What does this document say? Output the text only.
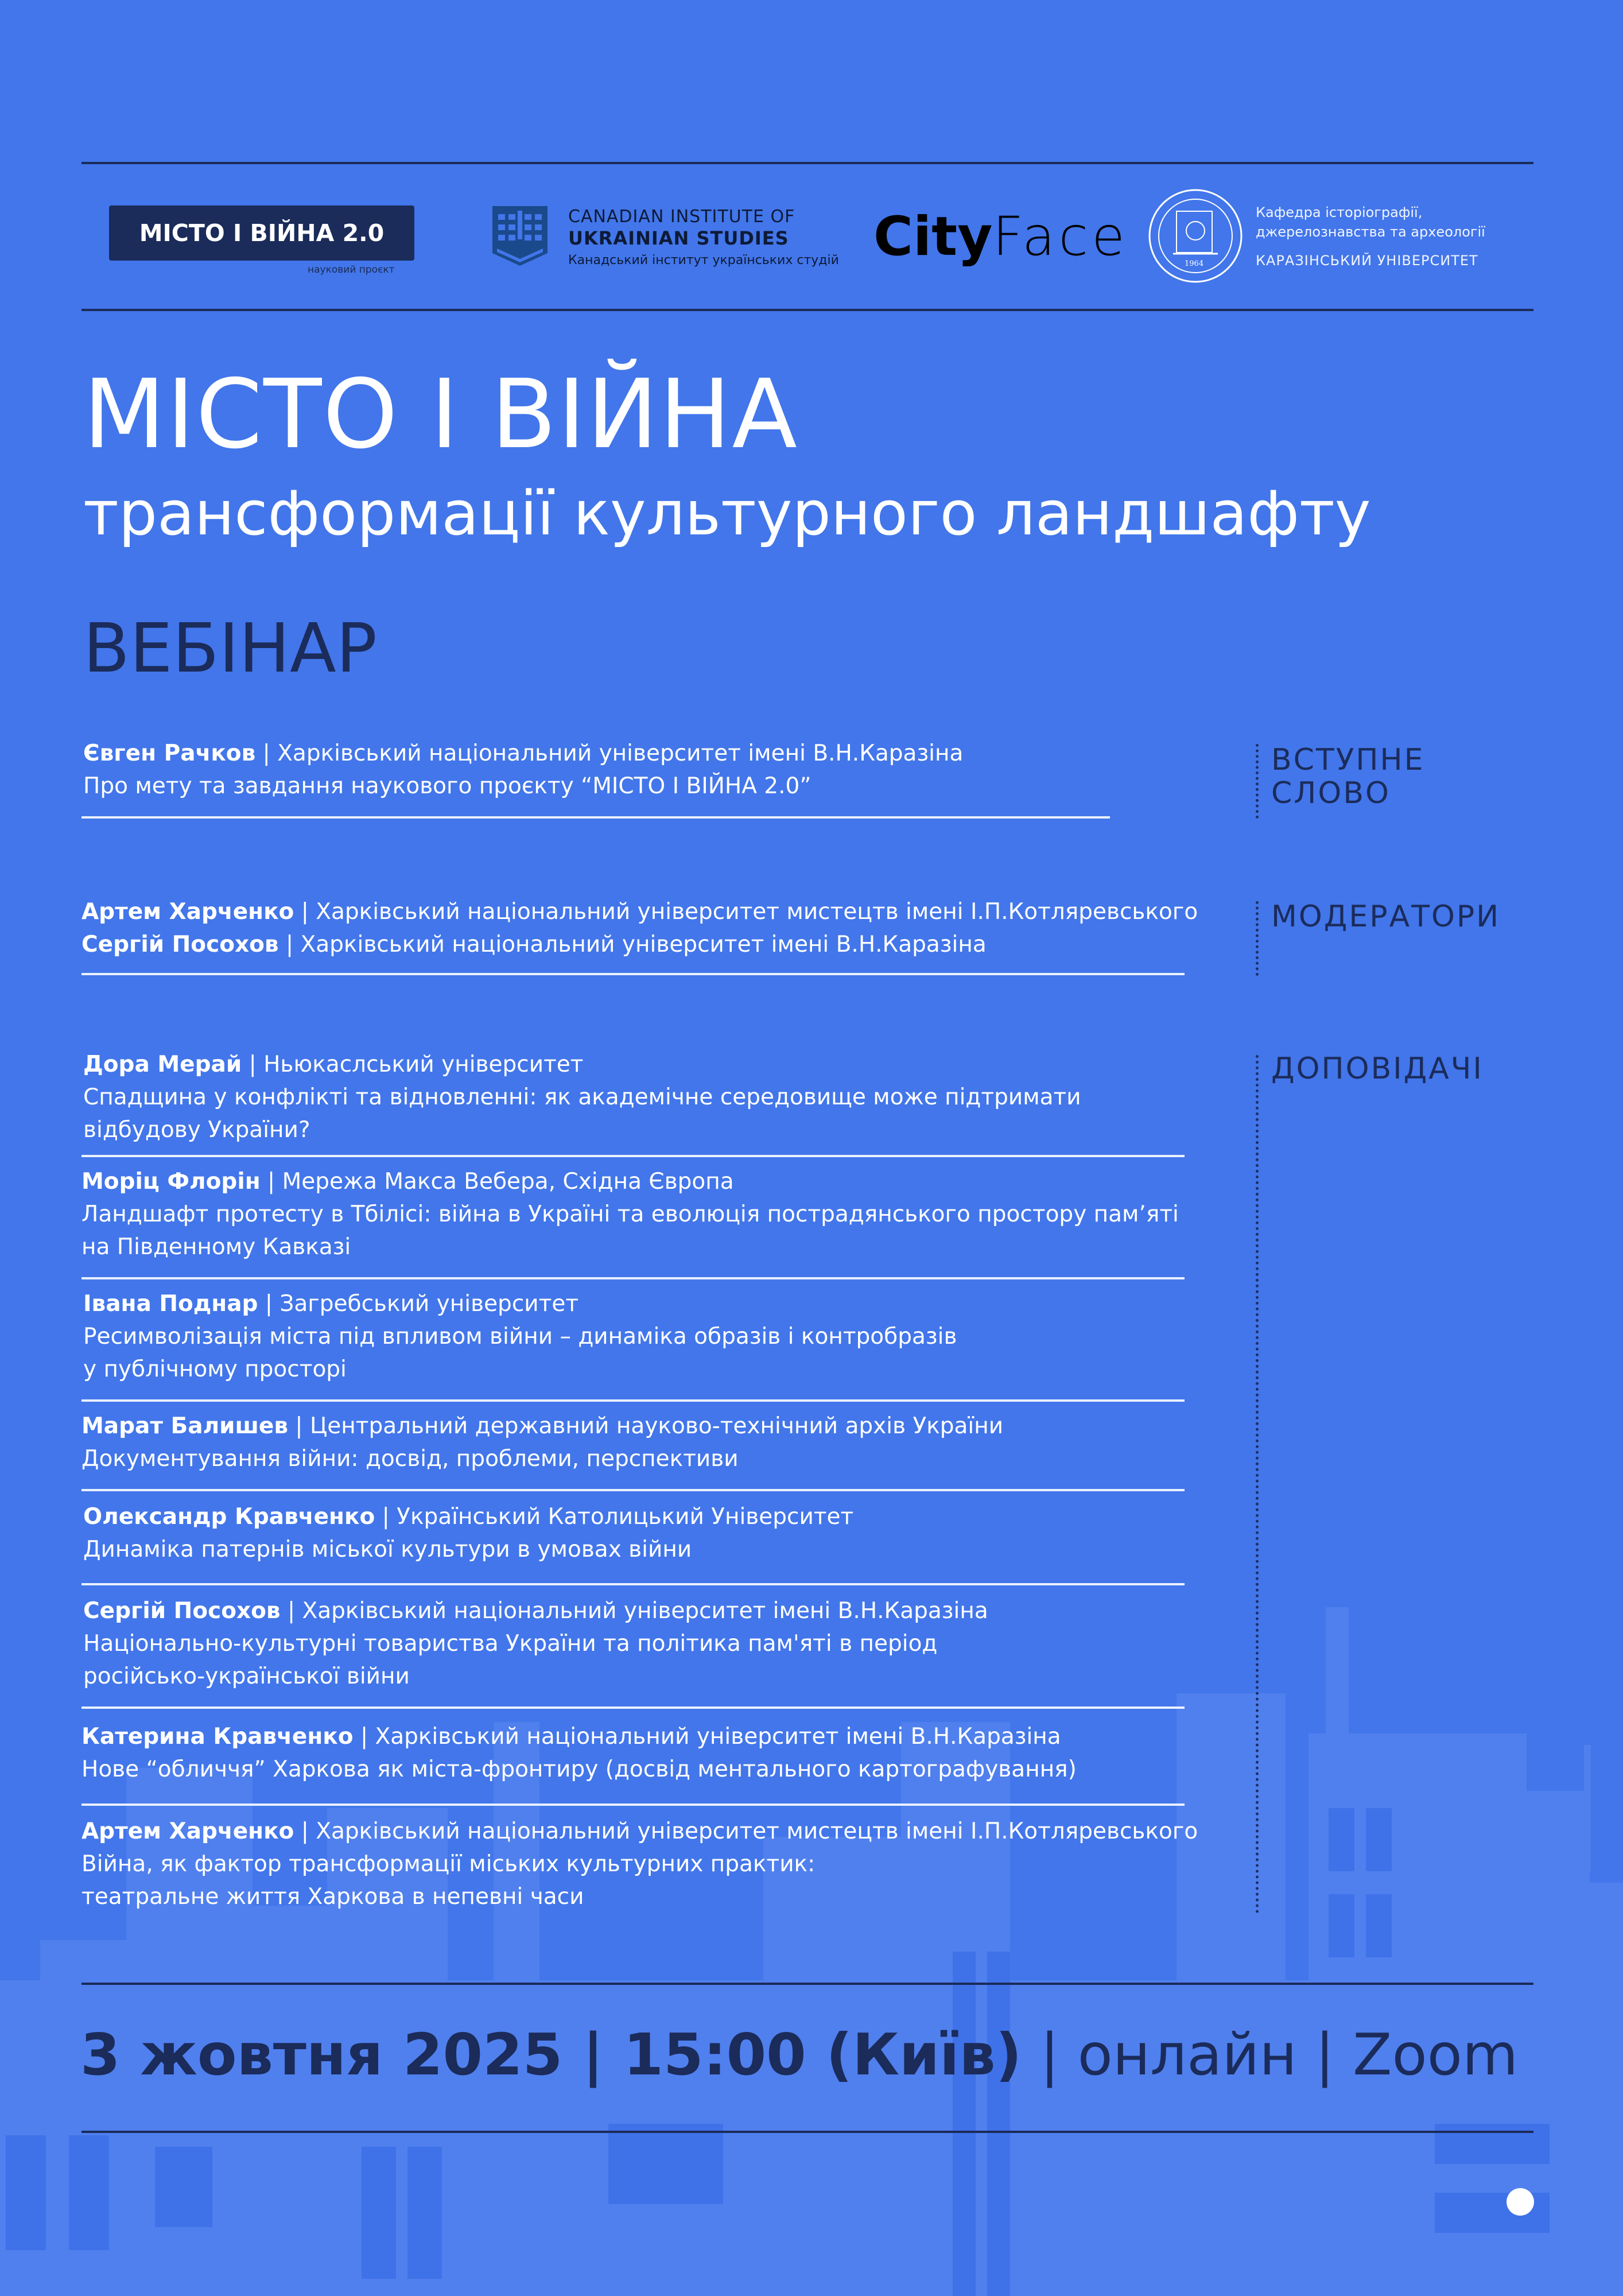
МІСТО І ВІЙНА 2.0
науковий проєкт
CANADIAN INSTITUTE OF
UKRAINIAN STUDIES
Канадський інститут українських студій CityFace	1964
Кафедра історіографії,
джерелознавства та археології
КАРАЗІНСЬКИЙ УНІВЕРСИТЕТ
МІСТО І ВІЙНА
трансформації культурного ландшафту
ВЕБІНАР
ВСТУПНЕ
СЛОВО
Євген Рачков | Харківський національний університет імені В.Н.Каразіна
Про мету та завдання наукового проєкту “МІСТО І ВІЙНА 2.0”
МОДЕРАТОРИ
Артем Харченко | Харківський національний університет мистецтв імені І.П.Котляревського
Сергій Посохов | Харківський національний університет імені В.Н.Каразіна
ДОПОВІДАЧІ
Дора Мерай | Ньюкаслський університет
Спадщина у конфлікті та відновленні: як академічне середовище може підтримати
відбудову України?
Моріц Флорін | Мережа Макса Вебера, Східна Європа
Ландшафт протесту в Тбілісі: війна в Україні та еволюція пострадянського простору пам’яті
на Південному Кавказі
Івана Поднар | Загребський університет
Ресимволізація міста під впливом війни – динаміка образів і контробразів
у публічному просторі
Марат Балишев | Центральний державний науково-технічний архів України
Документування війни: досвід, проблеми, перспективи
Олександр Кравченко | Український Католицький Університет
Динаміка патернів міської культури в умовах війни
Сергій Посохов | Харківський національний університет імені В.Н.Каразіна
Національно-культурні товариства України та політика пам'яті в період
російсько-української війни
Катерина Кравченко | Харківський національний університет імені В.Н.Каразіна
Нове “обличчя” Харкова як міста-фронтиру (досвід ментального картографування)
Артем Харченко | Харківський національний університет мистецтв імені І.П.Котляревського
Війна, як фактор трансформації міських культурних практик:
театральне життя Харкова в непевні часи
3 жовтня 2025 | 15:00 (Київ) | онлайн | Zoom
